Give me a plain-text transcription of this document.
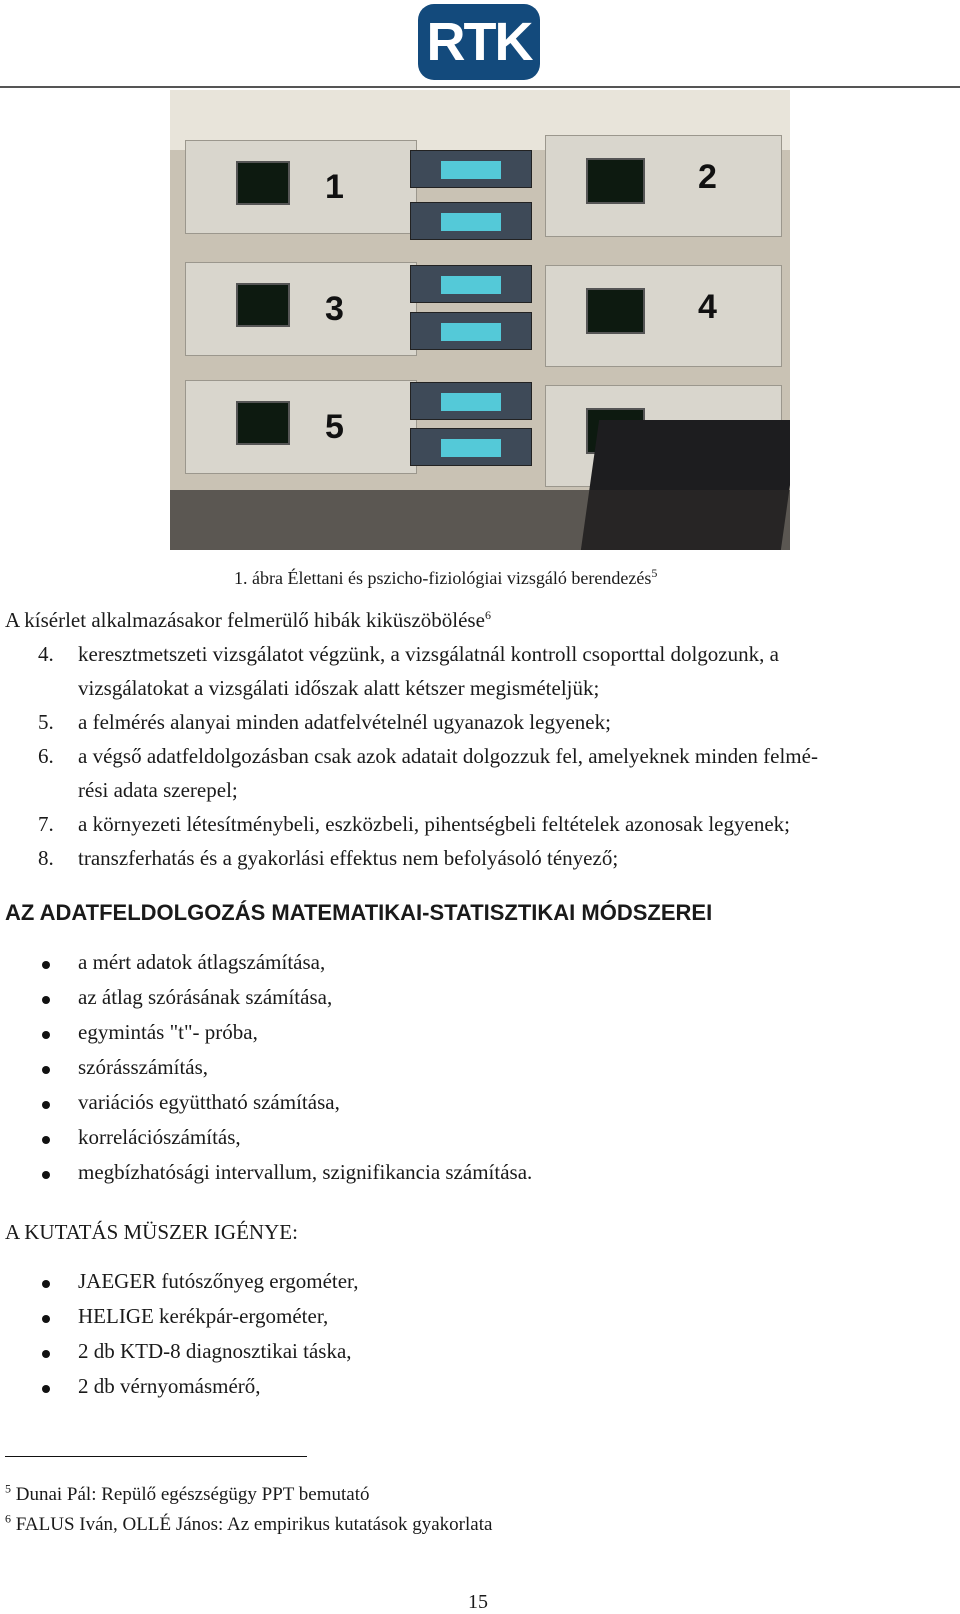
RTK
1
3
5
2
4
1. ábra Élettani és pszicho-fiziológiai vizsgáló berendezés$^5$
A kísérlet alkalmazásakor felmerülő hibák kiküszöbölése$^6$
4. keresztmetszeti vizsgálatot végzünk, a vizsgálatnál kontroll csoporttal dolgozunk, a
vizsgálatokat a vizsgálati időszak alatt kétszer megismételjük;
5. a felmérés alanyai minden adatfelvételnél ugyanazok legyenek;
6. a végső adatfeldolgozásban csak azok adatait dolgozzuk fel, amelyeknek minden felmé-
rési adata szerepel;
7. a környezeti létesítménybeli, eszközbeli, pihentségbeli feltételek azonosak legyenek;
8. transzferhatás és a gyakorlási effektus nem befolyásoló tényező;
AZ ADATFELDOLGOZÁS MATEMATIKAI-STATISZTIKAI MÓDSZEREI
a mért adatok átlagszámítása,
az átlag szórásának számítása,
egymintás "t"- próba,
szórásszámítás,
variációs együttható számítása,
korrelációszámítás,
megbízhatósági intervallum, szignifikancia számítása.
A KUTATÁS MÜSZER IGÉNYE:
JAEGER futószőnyeg ergométer,
HELIGE kerékpár-ergométer,
2 db KTD-8 diagnosztikai táska,
2 db vérnyomásmérő,
$^5$ Dunai Pál: Repülő egészségügy PPT bemutató
$^6$ FALUS Iván, OLLÉ János: Az empirikus kutatások gyakorlata
15
